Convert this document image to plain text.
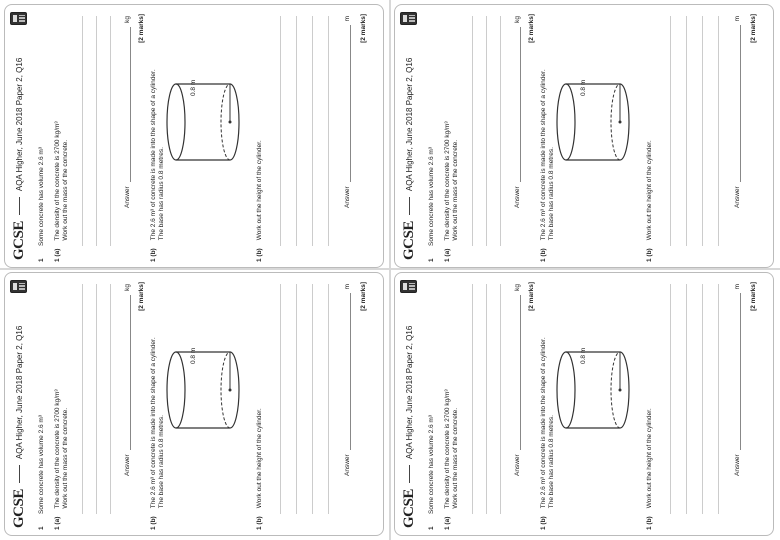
GCSE
AQA Higher, June 2018 Paper 2, Q16
1
Some concrete has volume 2.6 m³
1 (a)
The density of the concrete is 2700 kg/m³
Work out the mass of the concrete.	Answer
kg [2 marks]
1 (b)
The 2.6 m³ of concrete is made into the shape of a cylinder.
The base has radius 0.8 metres.
0.8 m
1 (b)
Work out the height of the cylinder.	Answer
m [2 marks]
GCSE
AQA Higher, June 2018 Paper 2, Q16
1
Some concrete has volume 2.6 m³
1 (a)
The density of the concrete is 2700 kg/m³
Work out the mass of the concrete.	Answer
kg [2 marks]
1 (b)
The 2.6 m³ of concrete is made into the shape of a cylinder.
The base has radius 0.8 metres.
0.8 m
1 (b)
Work out the height of the cylinder.	Answer
m [2 marks]
GCSE
AQA Higher, June 2018 Paper 2, Q16
1
Some concrete has volume 2.6 m³
1 (a)
The density of the concrete is 2700 kg/m³
Work out the mass of the concrete.	Answer
kg [2 marks]
1 (b)
The 2.6 m³ of concrete is made into the shape of a cylinder.
The base has radius 0.8 metres.
0.8 m
1 (b)
Work out the height of the cylinder.	Answer
m [2 marks]
GCSE
AQA Higher, June 2018 Paper 2, Q16
1
Some concrete has volume 2.6 m³
1 (a)
The density of the concrete is 2700 kg/m³
Work out the mass of the concrete.	Answer
kg [2 marks]
1 (b)
The 2.6 m³ of concrete is made into the shape of a cylinder.
The base has radius 0.8 metres.
0.8 m
1 (b)
Work out the height of the cylinder.	Answer
m [2 marks]
